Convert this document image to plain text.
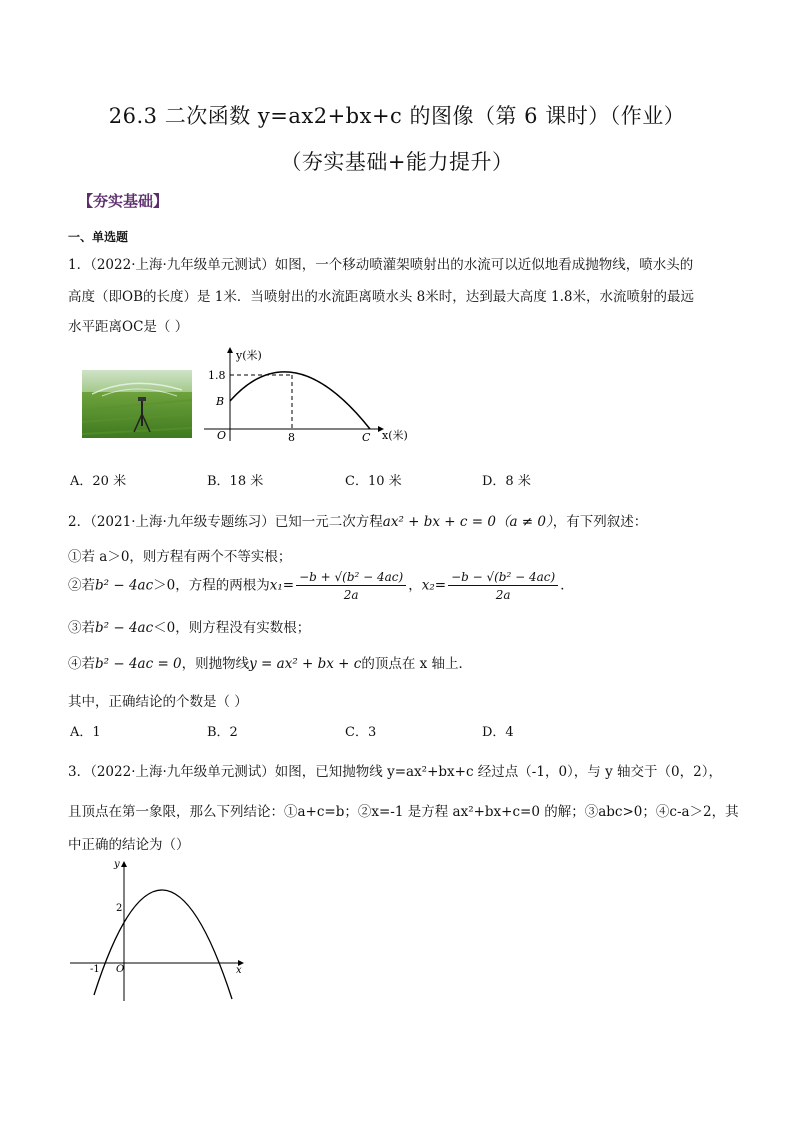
26.3 二次函数 y=ax2+bx+c 的图像（第 6 课时）（作业）
（夯实基础+能力提升）
【夯实基础】
一、单选题
1．（2022·上海·九年级单元测试）如图，一个移动喷灌架喷射出的水流可以近似地看成抛物线，喷水头的
高度（即OB的长度）是 1米．当喷射出的水流距离喷水头 8米时，达到最大高度 1.8米，水流喷射的最远
水平距离OC是（ ）
y(米)
1.8
B
O	8	C x(米)
A．20 米	B．18 米	C．10 米	D．8 米
2．（2021·上海·九年级专题练习）已知一元二次方程ax² + bx + c = 0（a ≠ 0），有下列叙述：
①若 a＞0，则方程有两个不等实根；
②若b² − 4ac＞0，方程的两根为$x_1= \frac{\text{−b + √(b² − 4ac)}}{2a}$ ，$x_2= \frac{\text{−b − √(b² − 4ac)}}{2a}$ ．
③若b² − 4ac＜0，则方程没有实数根；
④若b² − 4ac = 0，则抛物线y = ax² + bx + c的顶点在 x 轴上．
其中，正确结论的个数是（ ）
A．1	B．2	C．3	D．4
3．（2022·上海·九年级单元测试）如图，已知抛物线 y=ax²+bx+c 经过点（-1，0），与 y 轴交于（0，2），
且顶点在第一象限，那么下列结论：①a+c=b；②x=-1 是方程 ax²+bx+c=0 的解；③abc>0；④c-a＞2，其
中正确的结论为（）
y
2
-1 O	x
